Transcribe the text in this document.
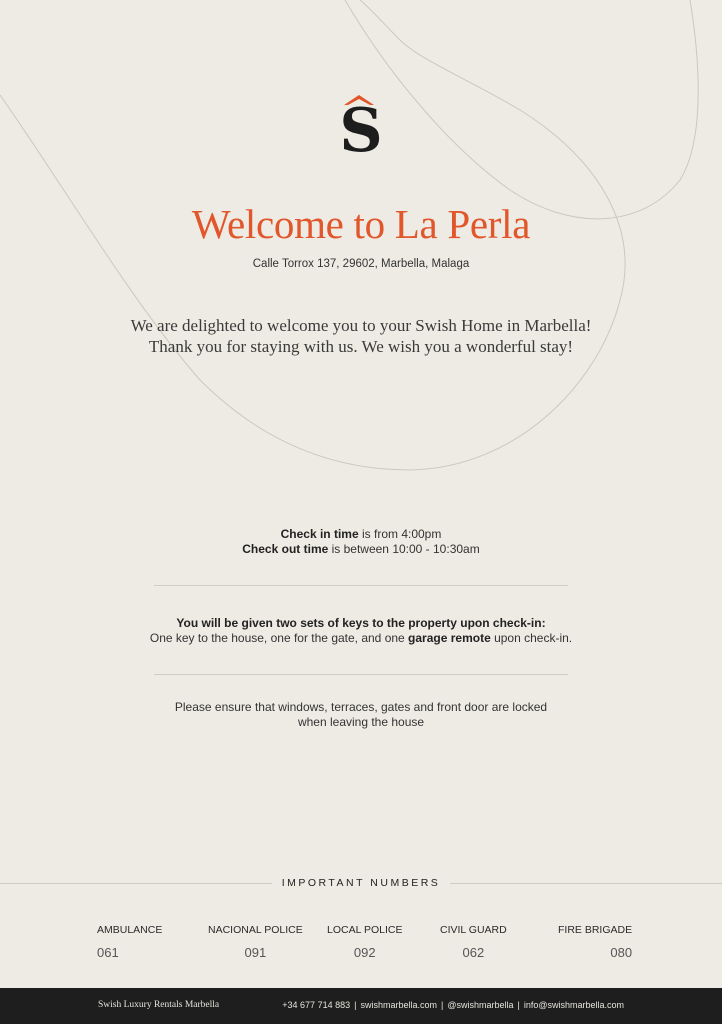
S
Welcome to La Perla
Calle Torrox 137, 29602, Marbella, Malaga
We are delighted to welcome you to your Swish Home in Marbella!
Thank you for staying with us. We wish you a wonderful stay!
Check in time is from 4:00pm
Check out time is between 10:00 - 10:30am
You will be given two sets of keys to the property upon check-in:
One key to the house, one for the gate, and one garage remote upon check-in.
Please ensure that windows, terraces, gates and front door are locked
when leaving the house
IMPORTANT NUMBERS
AMBULANCE
061
NACIONAL POLICE
091
LOCAL POLICE
092
CIVIL GUARD
062
FIRE BRIGADE
080
Swish Luxury Rentals Marbella	+34 677 714 883 | swishmarbella.com | @swishmarbella | info@swishmarbella.com
